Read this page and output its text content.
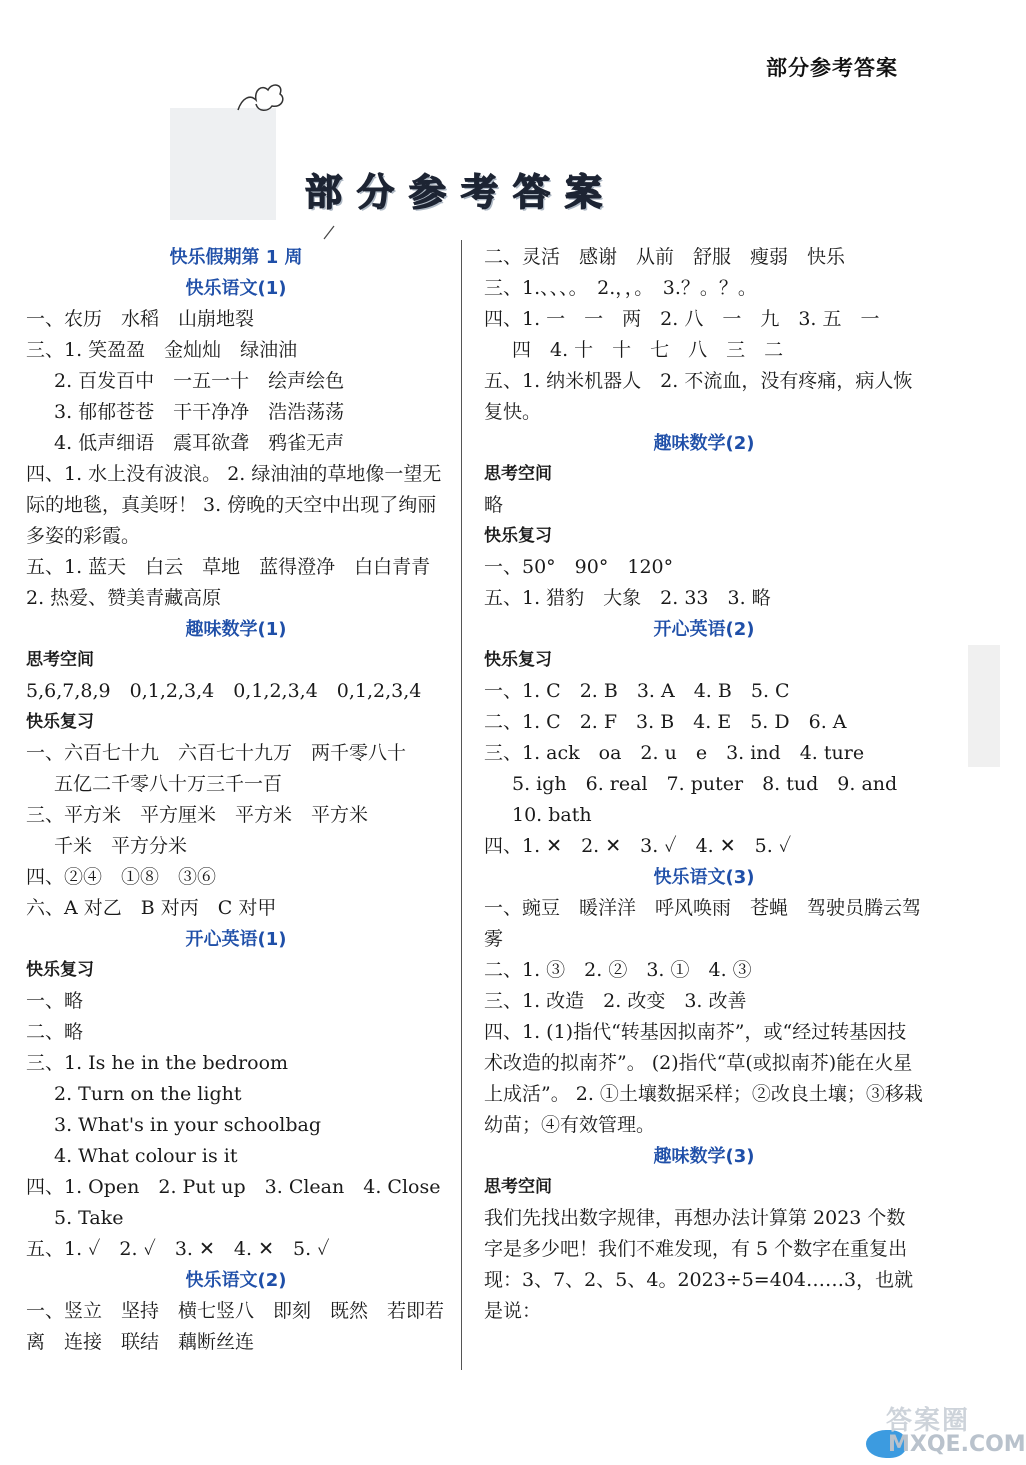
部分参考答案
部分参考答案
快乐假期第 1 周
快乐语文(1)
一、农历　水稻　山崩地裂
三、1. 笑盈盈　金灿灿　绿油油
2. 百发百中　一五一十　绘声绘色
3. 郁郁苍苍　干干净净　浩浩荡荡
4. 低声细语　震耳欲聋　鸦雀无声
四、1. 水上没有波浪。 2. 绿油油的草地像一望无际的地毯，真美呀！ 3. 傍晚的天空中出现了绚丽多姿的彩霞。
五、1. 蓝天　白云　草地　蓝得澄净　白白青青　2. 热爱、赞美青藏高原
趣味数学(1)
思考空间
5,6,7,8,9　0,1,2,3,4　0,1,2,3,4　0,1,2,3,4
快乐复习
一、六百七十九　六百七十九万　两千零八十
五亿二千零八十万三千一百
三、平方米　平方厘米　平方米　平方米
千米　平方分米
四、②④　①⑧　③⑥
六、A 对乙　B 对丙　C 对甲
开心英语(1)
快乐复习
一、略
二、略
三、1. Is he in the bedroom
2. Turn on the light
3. What's in your schoolbag
4. What colour is it
四、1. Open　2. Put up　3. Clean　4. Close
5. Take
五、1. ✓　2. ✓　3. ✕　4. ✕　5. ✓
快乐语文(2)
一、竖立　坚持　横七竖八　即刻　既然　若即若离　连接　联结　藕断丝连
二、灵活　感谢　从前　舒服　瘦弱　快乐
三、1.、、、。　2.，，。　3.？。？。
四、1. 一　一　两　2. 八　一　九　3. 五　一
四　4. 十　十　七　八　三　二
五、1. 纳米机器人　2. 不流血，没有疼痛，病人恢复快。
趣味数学(2)
思考空间
略
快乐复习
一、50°　90°　120°
五、1. 猎豹　大象　2. 33　3. 略
开心英语(2)
快乐复习
一、1. C　2. B　3. A　4. B　5. C
二、1. C　2. F　3. B　4. E　5. D　6. A
三、1. ack　oa　2. u　e　3. ind　4. ture
5. igh　6. real　7. puter　8. tud　9. and
10. bath
四、1. ✕　2. ✕　3. ✓　4. ✕　5. ✓
快乐语文(3)
一、豌豆　暖洋洋　呼风唤雨　苍蝇　驾驶员腾云驾雾
二、1. ③　2. ②　3. ①　4. ③
三、1. 改造　2. 改变　3. 改善
四、1. (1)指代“转基因拟南芥”，或“经过转基因技术改造的拟南芥”。 (2)指代“草(或拟南芥)能在火星上成活”。 2. ①土壤数据采样；②改良土壤；③移栽幼苗；④有效管理。
趣味数学(3)
思考空间
我们先找出数字规律，再想办法计算第 2023 个数字是多少吧！我们不难发现，有 5 个数字在重复出现：3、7、2、5、4。2023÷5=404……3，也就是说：
答案圈
MXQE.COM
